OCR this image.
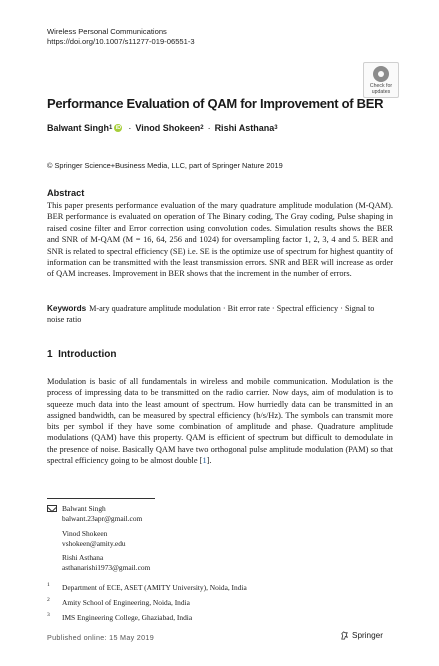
Wireless Personal Communications
https://doi.org/10.1007/s11277-019-06551-3
Check for
updates
Performance Evaluation of QAM for Improvement of BER
Balwant Singh 1 iD · Vinod Shokeen 2 · Rishi Asthana 3
© Springer Science+Business Media, LLC, part of Springer Nature 2019
Abstract
This paper presents performance evaluation of the mary quadrature amplitude modulation (M-QAM). BER performance is evaluated on operation of The Binary coding, The Gray coding, Pulse shaping in raised cosine filter and Error correction using convolution codes. Simulation results shows the BER and SNR of M-QAM (M = 16, 64, 256 and 1024) for oversampling factor 1, 2, 3, 4 and 5. BER and SNR is related to spectral efficiency (SE) i.e. SE is the optimize use of spectrum for highest quantity of information can be transmitted with the least transmission errors. SNR and BER will increase as order of QAM increases. Improvement in BER shows that the increment in the number of errors.
Keywords M-ary quadrature amplitude modulation · Bit error rate · Spectral efficiency · Signal to noise ratio
1 Introduction
Modulation is basic of all fundamentals in wireless and mobile communication. Modulation is the process of impressing data to be transmitted on the radio carrier. Now days, aim of modulation is to squeeze much data into the least amount of spectrum. How hurriedly data can be transmitted in an assigned bandwidth, can be measured by spectral efficiency (b/s/Hz). The symbols can transmit more bits per symbol if they have some combination of amplitude and phase. Quadrature amplitude modulations (QAM) have this property. QAM is efficient of spectrum but difficult to demodulate in the presence of noise. Basically QAM have two orthogonal pulse amplitude modulation (PAM) so that spectral efficiency going to be almost double [1].
Balwant Singh
balwant.23apr@gmail.com
Vinod Shokeen
vshokeen@amity.edu
Rishi Asthana
asthanarishi1973@gmail.com
1	Department of ECE, ASET (AMITY University), Noida, India
2	Amity School of Engineering, Noida, India
3	IMS Engineering College, Ghaziabad, India
Published online: 15 May 2019	Springer
